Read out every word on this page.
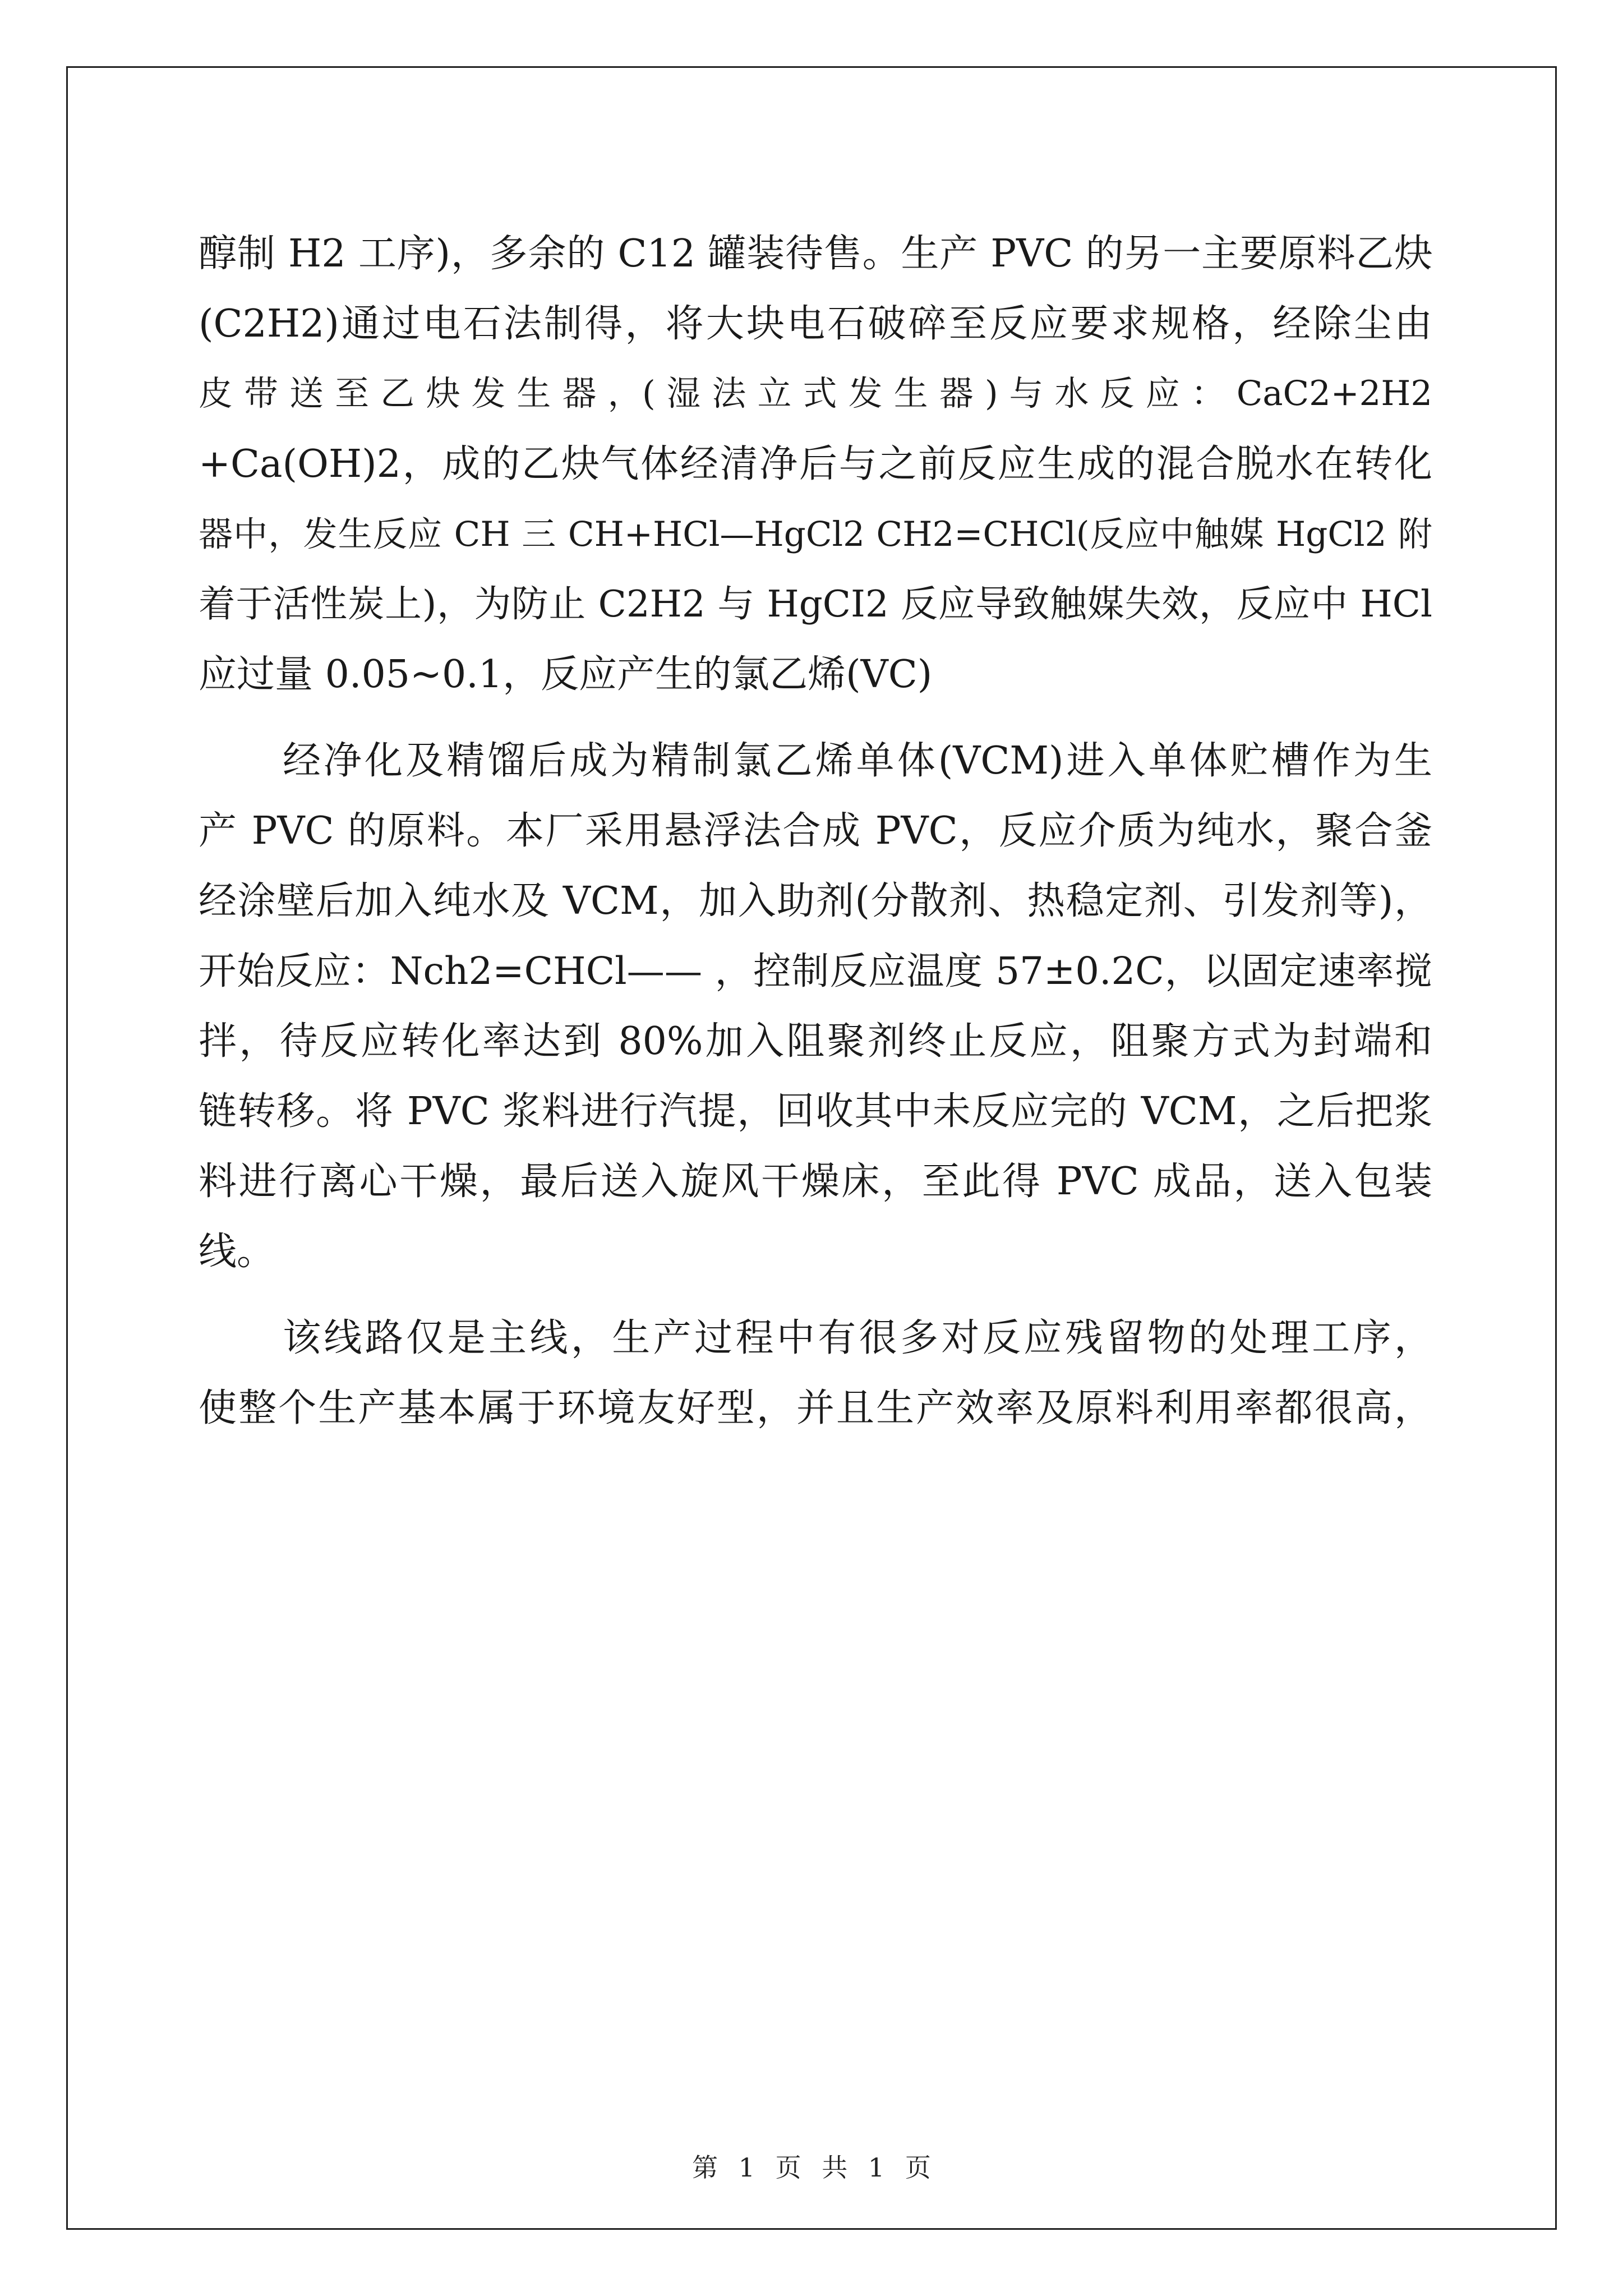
醇制 H2 工序)，多余的 C12 罐装待售。生产 PVC 的另一主要原料乙炔
(C2H2)通过电石法制得，将大块电石破碎至反应要求规格，经除尘由
皮 带 送 至 乙 炔 发 生 器 ，( 湿 法 立 式 发 生 器 ) 与 水 反 应 ： CaC2+2H2
+Ca(OH)2，成的乙炔气体经清净后与之前反应生成的混合脱水在转化
器中，发生反应 CH 三 CH+HCl—HgCl2 CH2=CHCl(反应中触媒 HgCl2 附
着于活性炭上)，为防止 C2H2 与 HgCI2 反应导致触媒失效，反应中 HCl
应过量 0.05~0.1，反应产生的氯乙烯(VC)
经净化及精馏后成为精制氯乙烯单体(VCM)进入单体贮槽作为生
产 PVC 的原料。本厂采用悬浮法合成 PVC，反应介质为纯水，聚合釜
经涂壁后加入纯水及 VCM，加入助剂(分散剂、热稳定剂、引发剂等)，
开始反应：Nch2=CHCl—— ，控制反应温度 57±0.2C，以固定速率搅
拌，待反应转化率达到 80%加入阻聚剂终止反应，阻聚方式为封端和
链转移。将 PVC 浆料进行汽提，回收其中未反应完的 VCM，之后把浆
料进行离心干燥，最后送入旋风干燥床，至此得 PVC 成品，送入包装
线。
该线路仅是主线，生产过程中有很多对反应残留物的处理工序，
使整个生产基本属于环境友好型，并且生产效率及原料利用率都很高，
第 1 页 共 1 页
